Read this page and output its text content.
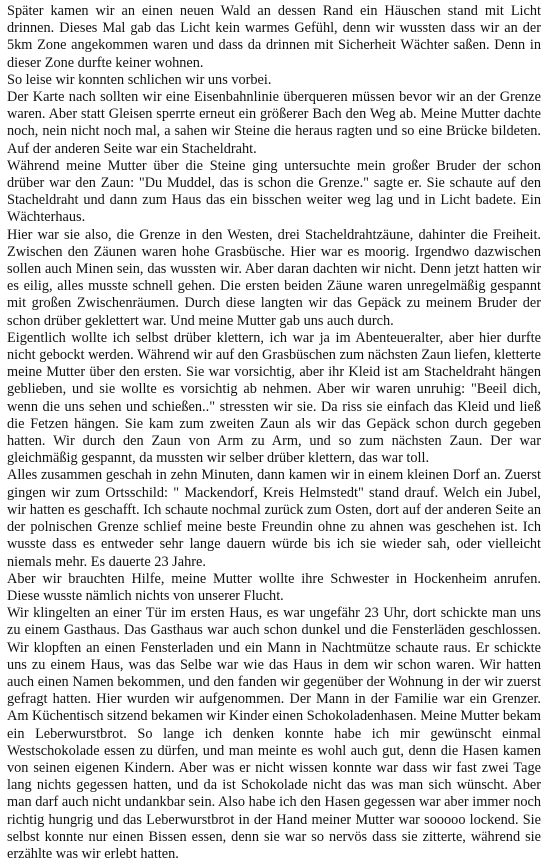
Später kamen wir an einen neuen Wald an dessen Rand ein Häuschen stand mit Licht drinnen. Dieses Mal gab das Licht kein warmes Gefühl, denn wir wussten dass wir an der 5km Zone angekommen waren und dass da drinnen mit Sicherheit Wächter saßen. Denn in dieser Zone durfte keiner wohnen.

So leise wir konnten schlichen wir uns vorbei.

Der Karte nach sollten wir eine Eisenbahnlinie überqueren müssen bevor wir an der Grenze waren. Aber statt Gleisen sperrte erneut ein größerer Bach den Weg ab. Meine Mutter dachte noch, nein nicht noch mal, a sahen wir Steine die heraus ragten und so eine Brücke bildeten. Auf der anderen Seite war ein Stacheldraht.

Während meine Mutter über die Steine ging untersuchte mein großer Bruder der schon drüber war den Zaun: "Du Muddel, das is schon die Grenze." sagte er. Sie schaute auf den Stacheldraht und dann zum Haus das ein bisschen weiter weg lag und in Licht badete. Ein Wächterhaus.

Hier war sie also, die Grenze in den Westen, drei Stacheldrahtzäune, dahinter die Freiheit. Zwischen den Zäunen waren hohe Grasbüsche. Hier war es moorig. Irgendwo dazwischen sollen auch Minen sein, das wussten wir. Aber daran dachten wir nicht. Denn jetzt hatten wir es eilig, alles musste schnell gehen. Die ersten beiden Zäune waren unregelmäßig gespannt mit großen Zwischenräumen. Durch diese langten wir das Gepäck zu meinem Bruder der schon drüber geklettert war. Und meine Mutter gab uns auch durch.

Eigentlich wollte ich selbst drüber klettern, ich war ja im Abenteueralter, aber hier durfte nicht gebockt werden. Während wir auf den Grasbüschen zum nächsten Zaun liefen, kletterte meine Mutter über den ersten. Sie war vorsichtig, aber ihr Kleid ist am Stacheldraht hängen geblieben, und sie wollte es vorsichtig ab nehmen. Aber wir waren unruhig: "Beeil dich, wenn die uns sehen und schießen.." stressten wir sie. Da riss sie einfach das Kleid und ließ die Fetzen hängen. Sie kam zum zweiten Zaun als wir das Gepäck schon durch gegeben hatten. Wir durch den Zaun von Arm zu Arm, und so zum nächsten Zaun. Der war gleichmäßig gespannt, da mussten wir selber drüber klettern, das war toll.

Alles zusammen geschah in zehn Minuten, dann kamen wir in einem kleinen Dorf an. Zuerst gingen wir zum Ortsschild: " Mackendorf, Kreis Helmstedt" stand drauf. Welch ein Jubel, wir hatten es geschafft. Ich schaute nochmal zurück zum Osten, dort auf der anderen Seite an der polnischen Grenze schlief meine beste Freundin ohne zu ahnen was geschehen ist. Ich wusste dass es entweder sehr lange dauern würde bis ich sie wieder sah, oder vielleicht niemals mehr. Es dauerte 23 Jahre.

Aber wir brauchten Hilfe, meine Mutter wollte ihre Schwester in Hockenheim anrufen. Diese wusste nämlich nichts von unserer Flucht.

Wir klingelten an einer Tür im ersten Haus, es war ungefähr 23 Uhr, dort schickte man uns zu einem Gasthaus. Das Gasthaus war auch schon dunkel und die Fensterläden geschlossen. Wir klopften an einen Fensterladen und ein Mann in Nachtmütze schaute raus. Er schickte uns zu einem Haus, was das Selbe war wie das Haus in dem wir schon waren. Wir hatten auch einen Namen bekommen, und den fanden wir gegenüber der Wohnung in der wir zuerst gefragt hatten. Hier wurden wir aufgenommen. Der Mann in der Familie war ein Grenzer. Am Küchentisch sitzend bekamen wir Kinder einen Schokoladenhasen. Meine Mutter bekam ein Leberwurstbrot. So lange ich denken konnte habe ich mir gewünscht einmal Westschokolade essen zu dürfen, und man meinte es wohl auch gut, denn die Hasen kamen von seinen eigenen Kindern. Aber was er nicht wissen konnte war dass wir fast zwei Tage lang nichts gegessen hatten, und da ist Schokolade nicht das was man sich wünscht. Aber man darf auch nicht undankbar sein. Also habe ich den Hasen gegessen war aber immer noch richtig hungrig und das Leberwurstbrot in der Hand meiner Mutter war sooooo lockend. Sie selbst konnte nur einen Bissen essen, denn sie war so nervös dass sie zitterte, während sie erzählte was wir erlebt hatten.
